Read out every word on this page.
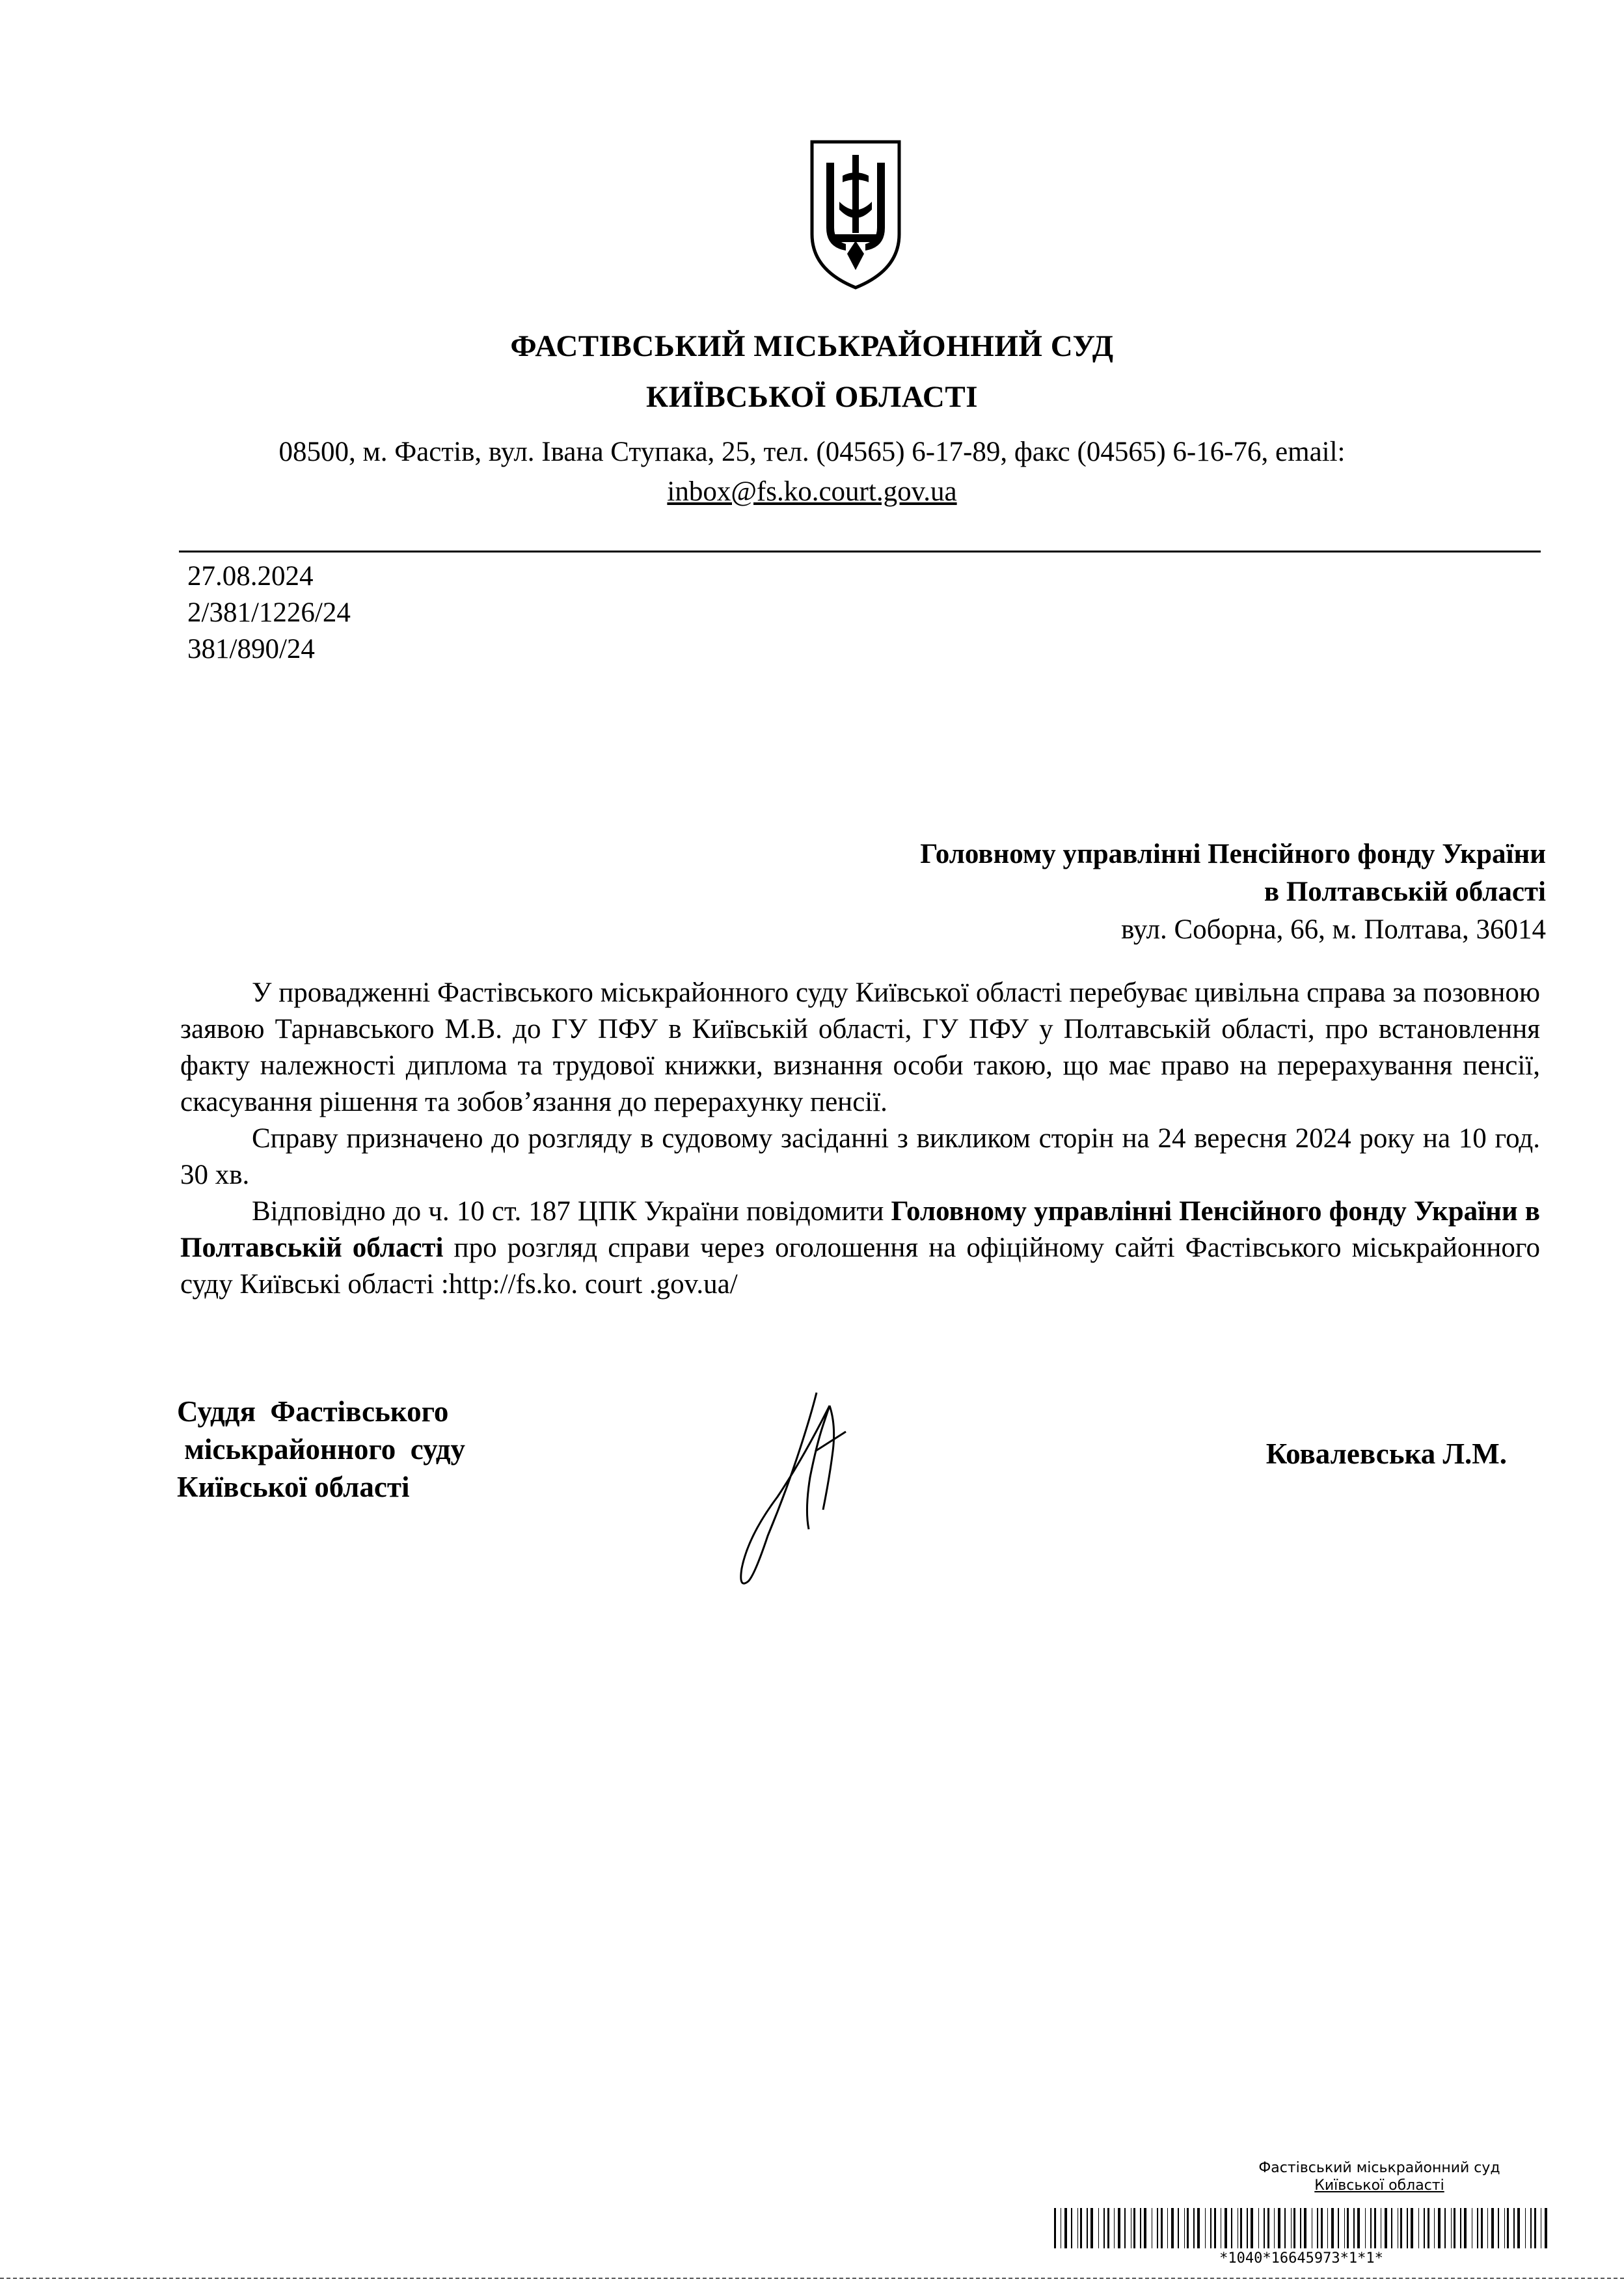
ФАСТІВСЬКИЙ МІСЬКРАЙОННИЙ СУД
КИЇВСЬКОЇ ОБЛАСТІ
08500, м. Фастів, вул. Івана Ступака, 25, тел. (04565) 6-17-89, факс (04565) 6-16-76, email:
inbox@fs.ko.court.gov.ua
27.08.2024
2/381/1226/24
381/890/24
Головному управлінні Пенсійного фонду України
в Полтавській області
вул. Соборна, 66, м. Полтава, 36014

У провадженні Фастівського міськрайонного суду Київської області перебуває цивільна справа за позовною заявою Тарнавського М.В. до ГУ ПФУ в Київській області, ГУ ПФУ у Полтавській області, про встановлення факту належності диплома та трудової книжки, визнання особи такою, що має право на перерахування пенсії, скасування рішення та зобов’язання до перерахунку пенсії.

Справу призначено до розгляду в судовому засіданні з викликом сторін на 24 вересня 2024 року на 10 год. 30 хв.

Відповідно до ч. 10 ст. 187 ЦПК України повідомити Головному управлінні Пенсійного фонду України в Полтавській області про розгляд справи через оголошення на офіційному сайті Фастівського міськрайонного суду Київські області :http://fs.ko. court .gov.ua/

Суддя  Фастівського
міськрайонного  суду
Київської області
Ковалевська Л.М.
Фастівський міськрайонний суд
Київської області
*1040*16645973*1*1*
